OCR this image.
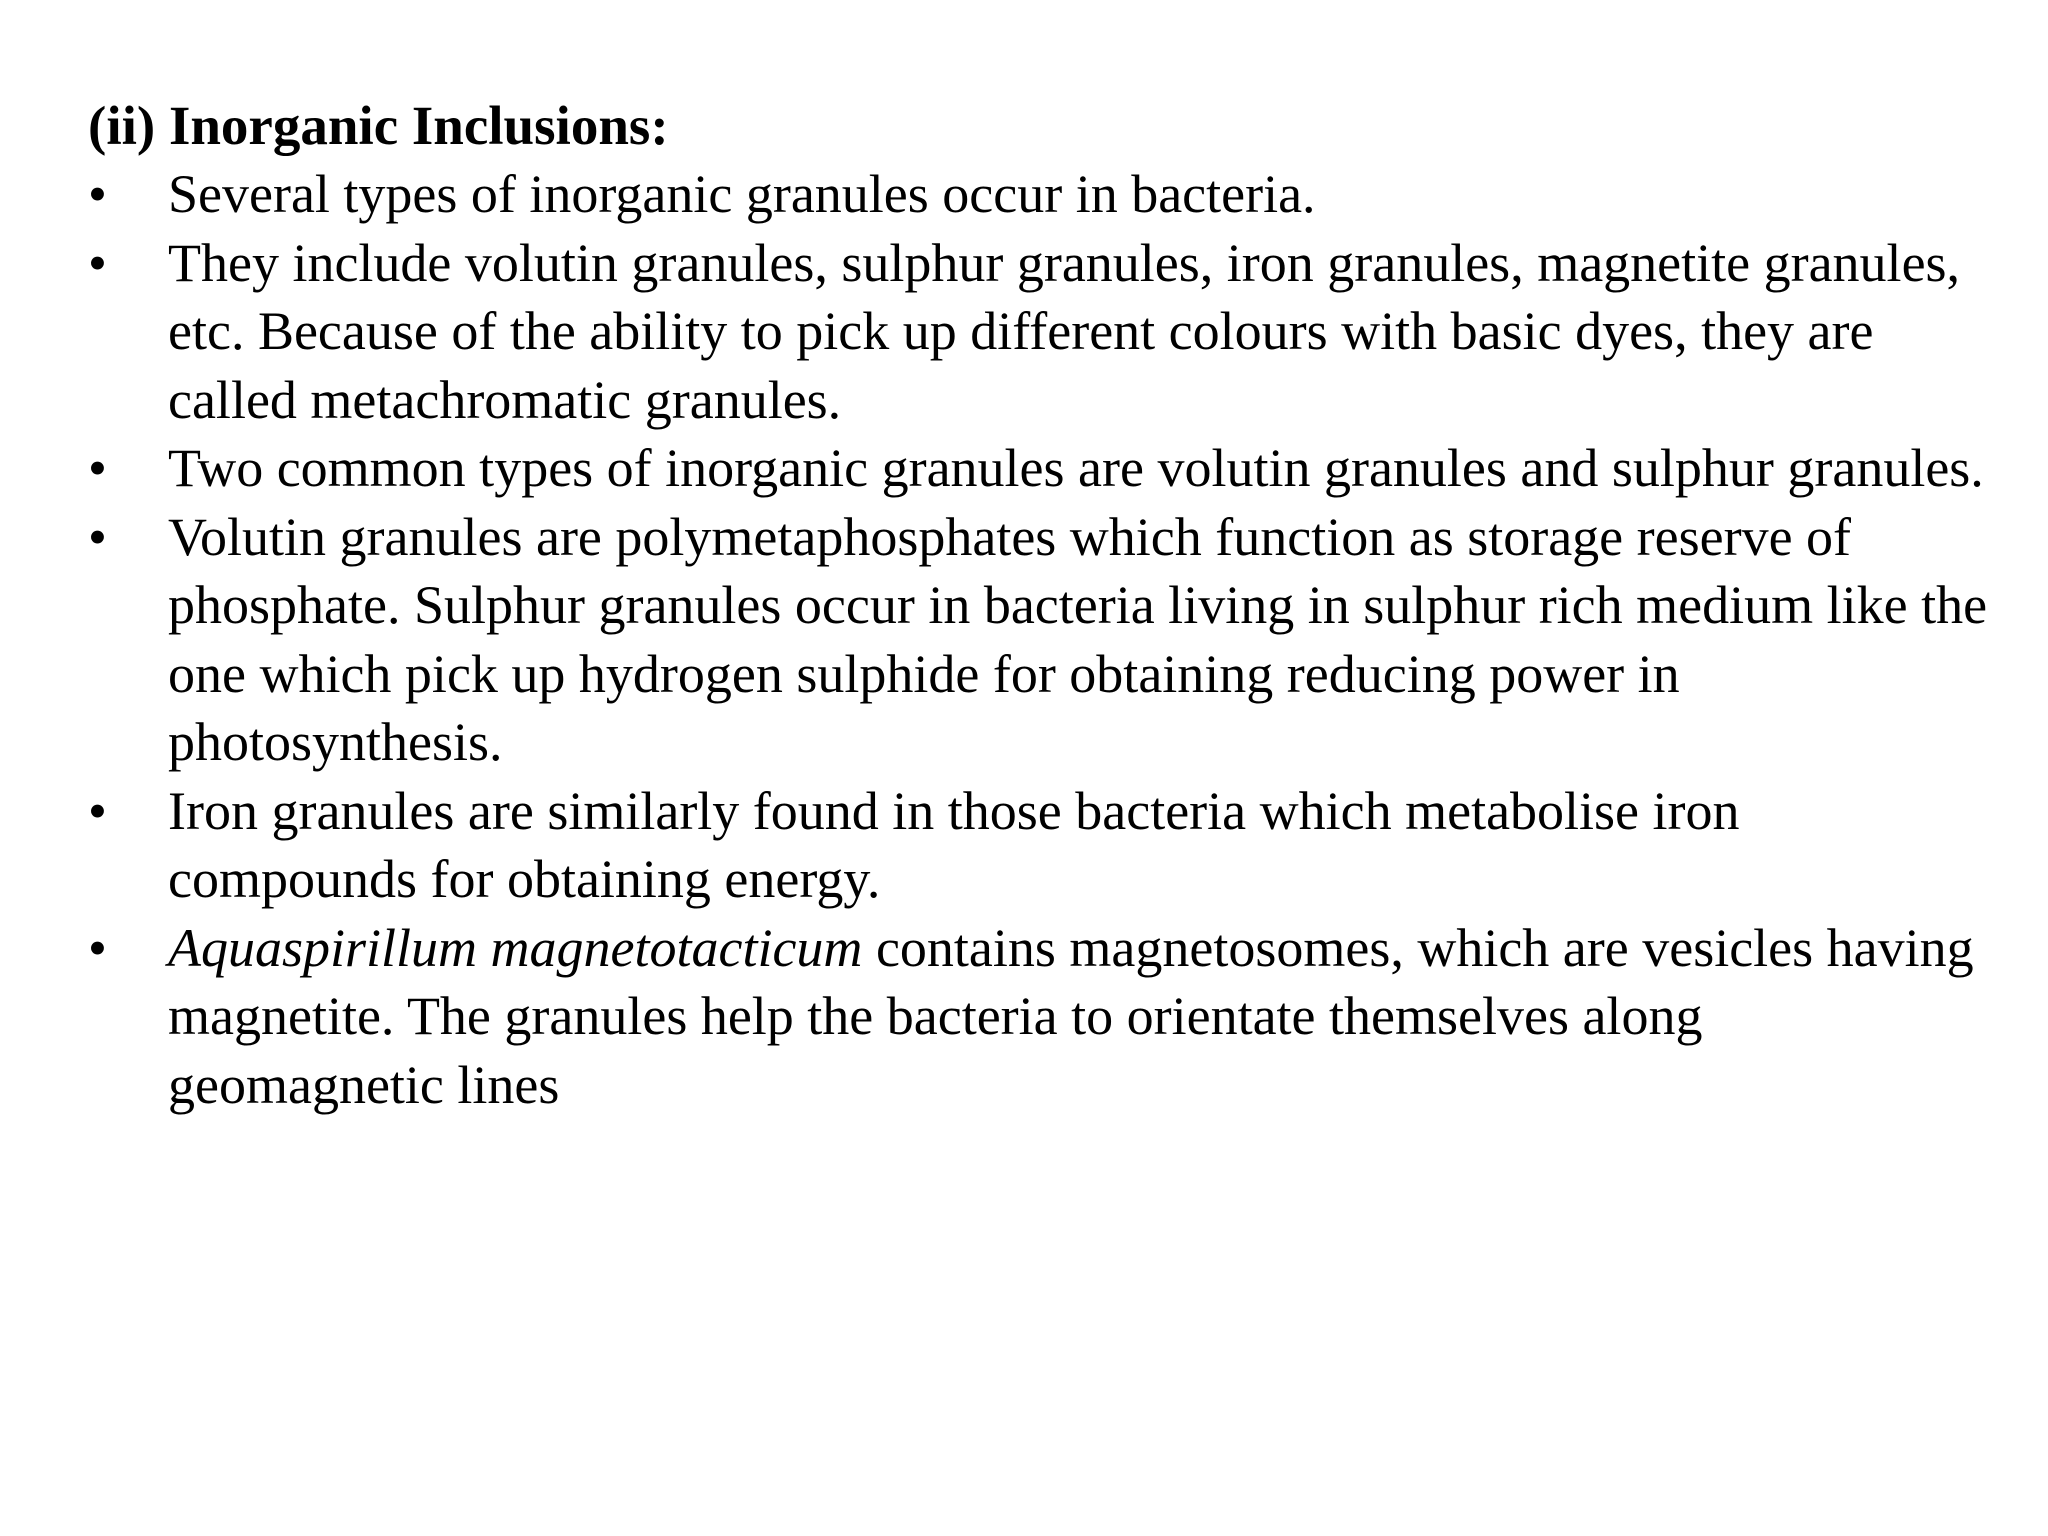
(ii) Inorganic Inclusions:

•	Several types of inorganic granules occur in bacteria.
•	They include volutin granules, sulphur granules, iron granules, magnetite granules, etc. Because of the ability to pick up different colours with basic dyes, they are called metachromatic granules.
•	Two common types of inorganic granules are volutin granules and sulphur granules.
•	Volutin granules are polymetaphosphates which function as storage reserve of phosphate. Sulphur granules occur in bacteria living in sulphur rich medium like the one which pick up hydrogen sulphide for obtaining reducing power in photosynthesis.
•	Iron granules are similarly found in those bacteria which metabolise iron compounds for obtaining energy.
•	Aquaspirillum magnetotacticum contains magnetosomes, which are vesicles having magnetite. The granules help the bacteria to orientate themselves along geomagnetic lines
